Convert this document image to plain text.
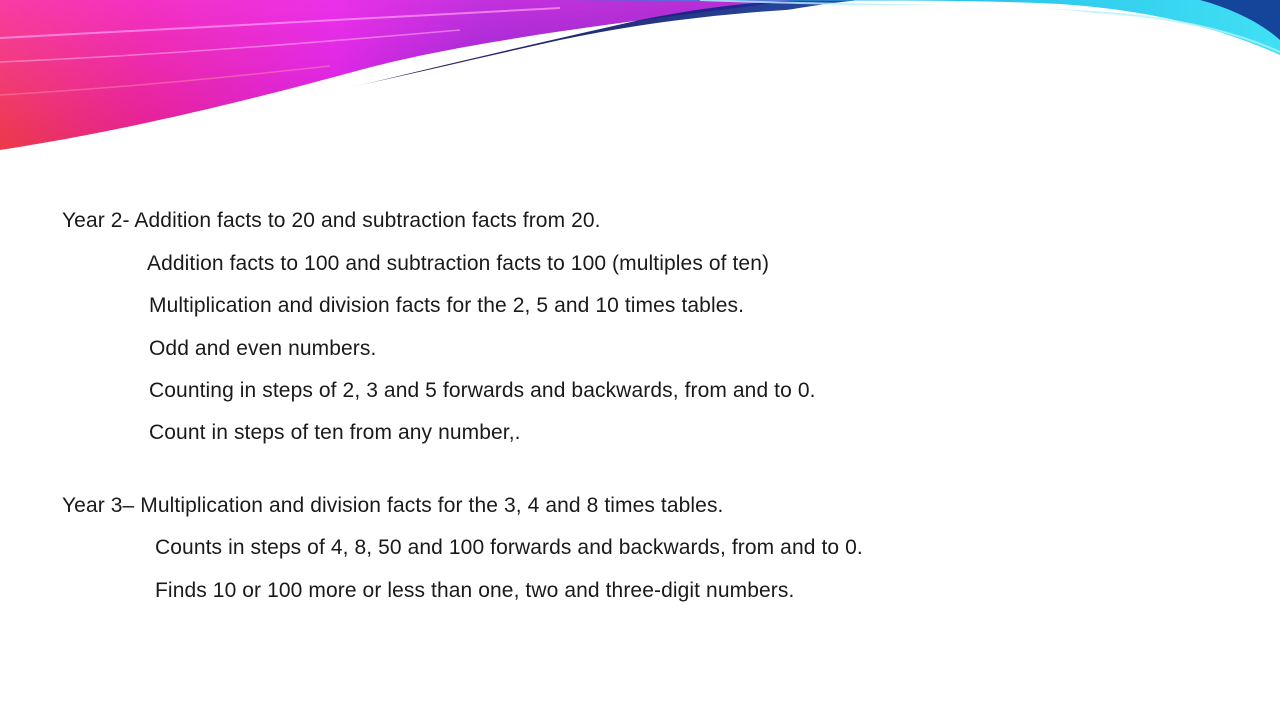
Year 2- Addition facts to 20 and subtraction facts from 20.

Addition facts to 100 and subtraction facts to 100 (multiples of ten)

Multiplication and division facts for the 2, 5 and 10 times tables.

Odd and even numbers.

Counting in steps of 2, 3 and 5 forwards and backwards, from and to 0.

Count in steps of ten from any number,.

Year 3– Multiplication and division facts for the 3, 4 and 8 times tables.

Counts in steps of 4, 8, 50 and 100 forwards and backwards, from and to 0.

Finds 10 or 100 more or less than one, two and three-digit numbers.
